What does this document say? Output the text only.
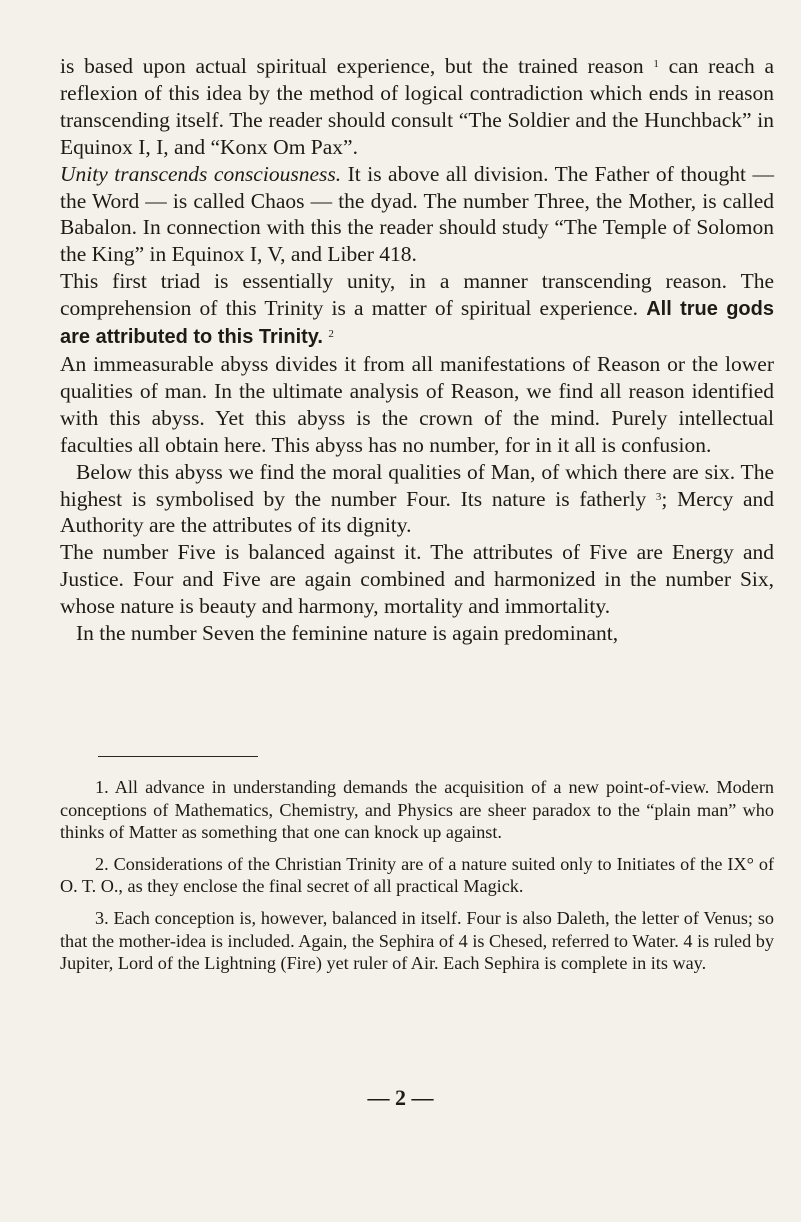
is based upon actual spiritual experience, but the trained reason $^1$ can reach a reflexion of this idea by the method of logical contradiction which ends in reason transcending itself. The reader should consult “The Soldier and the Hunchback” in Equinox I, I, and “Konx Om Pax”.

Unity transcends consciousness. It is above all division. The Father of thought — the Word — is called Chaos — the dyad. The number Three, the Mother, is called Babalon. In connection with this the reader should study “The Temple of Solomon the King” in Equinox I, V, and Liber 418.

This first triad is essentially unity, in a manner transcending reason. The comprehension of this Trinity is a matter of spiritual experience. All true gods are attributed to this Trinity. $^2$

An immeasurable abyss divides it from all manifestations of Reason or the lower qualities of man. In the ultimate analysis of Reason, we find all reason identified with this abyss. Yet this abyss is the crown of the mind. Purely intellectual faculties all obtain here. This abyss has no number, for in it all is confusion.

Below this abyss we find the moral qualities of Man, of which there are six. The highest is symbolised by the number Four. Its nature is fatherly $^3$; Mercy and Authority are the attributes of its dignity.

The number Five is balanced against it. The attributes of Five are Energy and Justice. Four and Five are again combined and harmonized in the number Six, whose nature is beauty and harmony, mortality and immortality.

In the number Seven the feminine nature is again predominant,

1. All advance in understanding demands the acquisition of a new point-of-view. Modern conceptions of Mathematics, Chemistry, and Physics are sheer paradox to the “plain man” who thinks of Matter as something that one can knock up against.

2. Considerations of the Christian Trinity are of a nature suited only to Initiates of the IX° of O. T. O., as they enclose the final secret of all practical Magick.

3. Each conception is, however, balanced in itself. Four is also Daleth, the letter of Venus; so that the mother-idea is included. Again, the Sephira of 4 is Chesed, referred to Water. 4 is ruled by Jupiter, Lord of the Lightning (Fire) yet ruler of Air. Each Sephira is complete in its way.

— 2 —
